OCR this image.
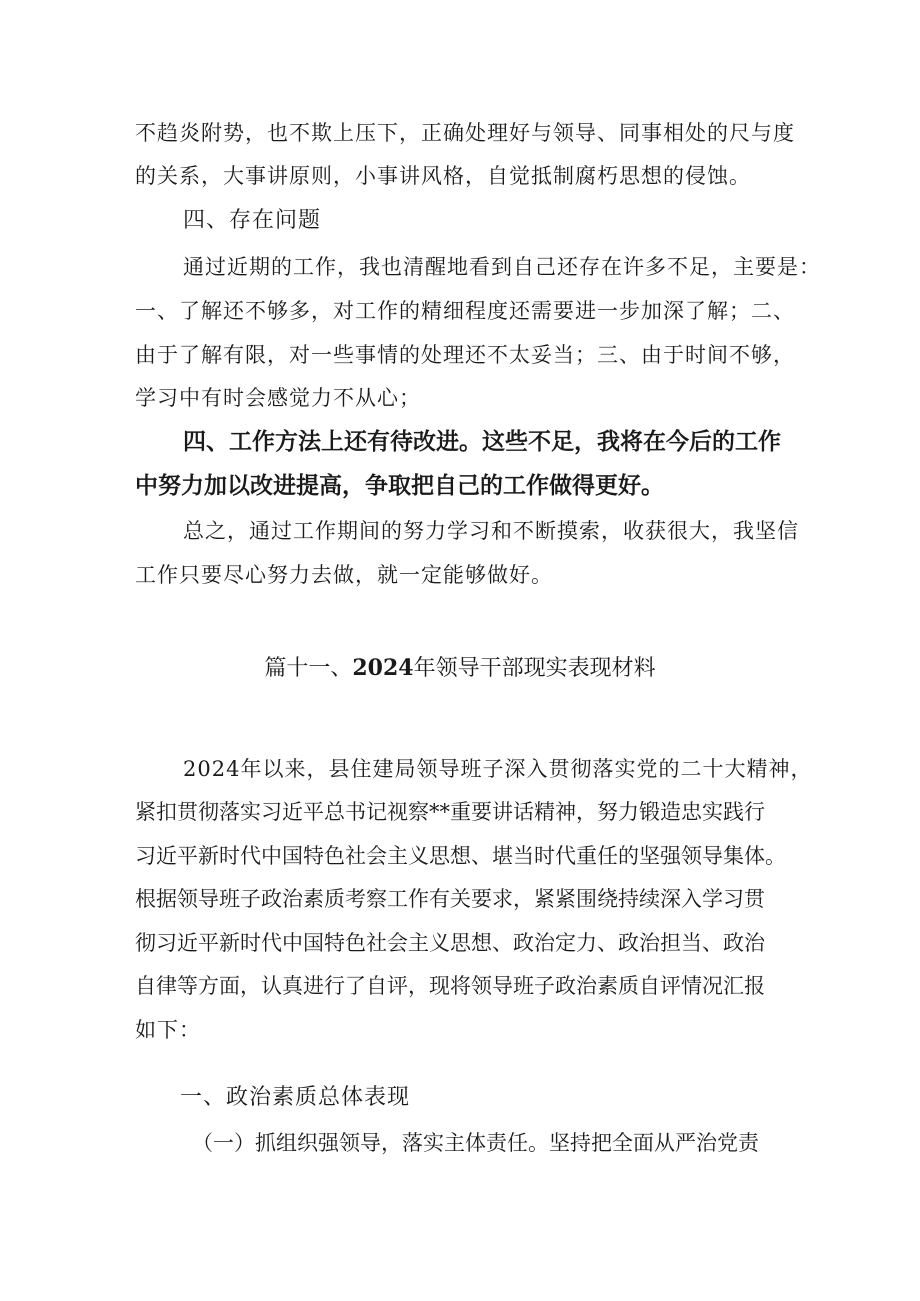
不趋炎附势，也不欺上压下，正确处理好与领导、同事相处的尺与度
的关系，大事讲原则，小事讲风格，自觉抵制腐朽思想的侵蚀。
四、存在问题
通过近期的工作，我也清醒地看到自己还存在许多不足，主要是：
一、了解还不够多，对工作的精细程度还需要进一步加深了解；二、
由于了解有限，对一些事情的处理还不太妥当；三、由于时间不够，
学习中有时会感觉力不从心；
四、工作方法上还有待改进。这些不足，我将在今后的工作
中努力加以改进提高，争取把自己的工作做得更好。
总之，通过工作期间的努力学习和不断摸索，收获很大，我坚信
工作只要尽心努力去做，就一定能够做好。
篇十一、2024年领导干部现实表现材料
2024年以来，县住建局领导班子深入贯彻落实党的二十大精神，
紧扣贯彻落实习近平总书记视察**重要讲话精神，努力锻造忠实践行
习近平新时代中国特色社会主义思想、堪当时代重任的坚强领导集体。
根据领导班子政治素质考察工作有关要求，紧紧围绕持续深入学习贯
彻习近平新时代中国特色社会主义思想、政治定力、政治担当、政治
自律等方面，认真进行了自评，现将领导班子政治素质自评情况汇报
如下：
一、政治素质总体表现
（一）抓组织强领导，落实主体责任。坚持把全面从严治党责
